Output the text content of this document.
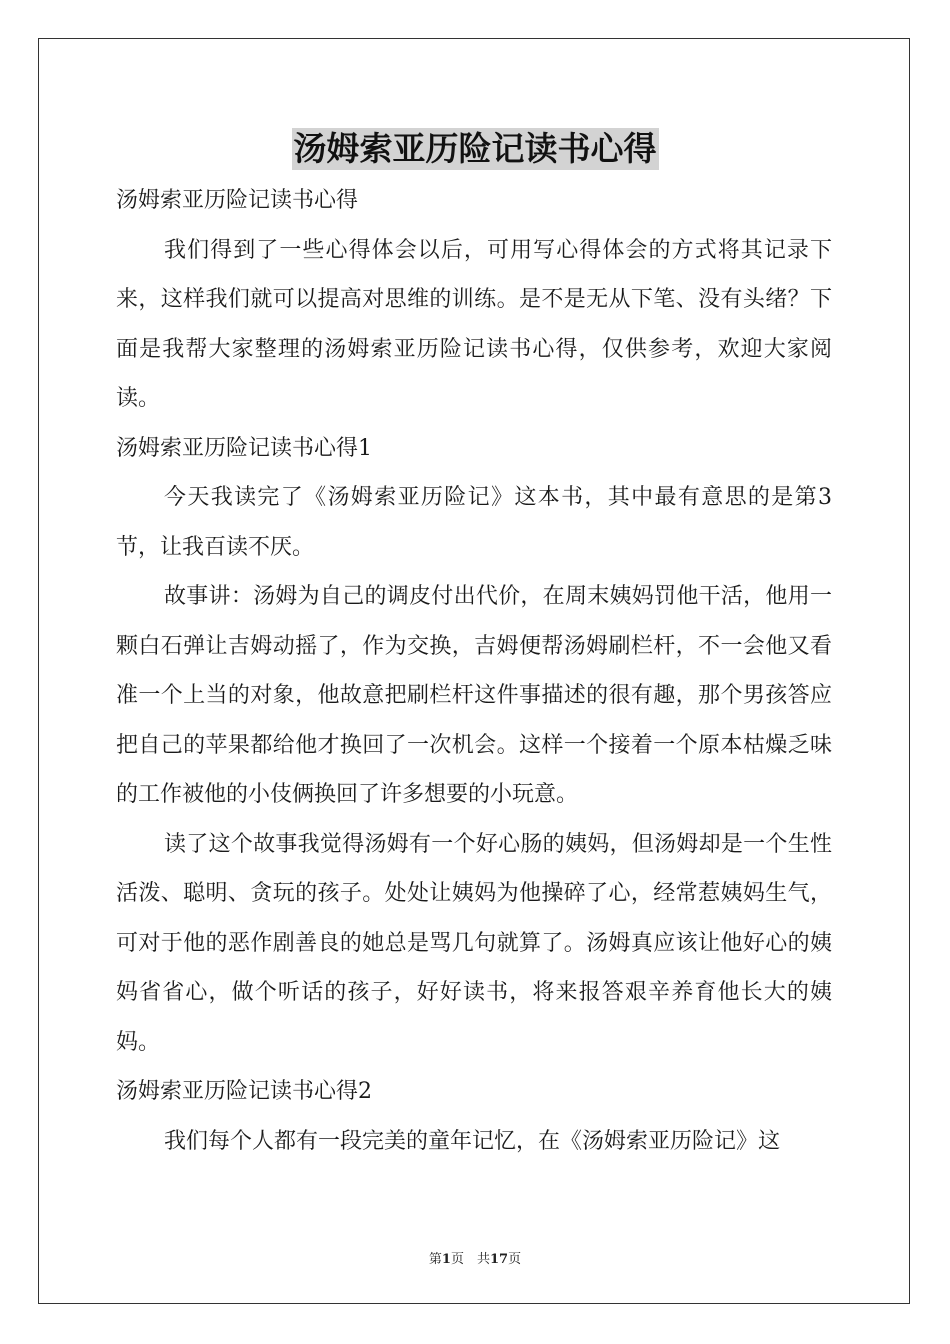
汤姆索亚历险记读书心得

汤姆索亚历险记读书心得

我们得到了一些心得体会以后，可用写心得体会的方式将其记录下来，这样我们就可以提高对思维的训练。是不是无从下笔、没有头绪？下面是我帮大家整理的汤姆索亚历险记读书心得，仅供参考，欢迎大家阅读。

汤姆索亚历险记读书心得1

今天我读完了《汤姆索亚历险记》这本书，其中最有意思的是第3节，让我百读不厌。

故事讲：汤姆为自己的调皮付出代价，在周末姨妈罚他干活，他用一颗白石弹让吉姆动摇了，作为交换，吉姆便帮汤姆刷栏杆，不一会他又看准一个上当的对象，他故意把刷栏杆这件事描述的很有趣，那个男孩答应把自己的苹果都给他才换回了一次机会。这样一个接着一个原本枯燥乏味的工作被他的小伎俩换回了许多想要的小玩意。

读了这个故事我觉得汤姆有一个好心肠的姨妈，但汤姆却是一个生性活泼、聪明、贪玩的孩子。处处让姨妈为他操碎了心，经常惹姨妈生气，可对于他的恶作剧善良的她总是骂几句就算了。汤姆真应该让他好心的姨妈省省心，做个听话的孩子，好好读书，将来报答艰辛养育他长大的姨妈。

汤姆索亚历险记读书心得2

我们每个人都有一段完美的童年记忆，在《汤姆索亚历险记》这

第1页　共17页
